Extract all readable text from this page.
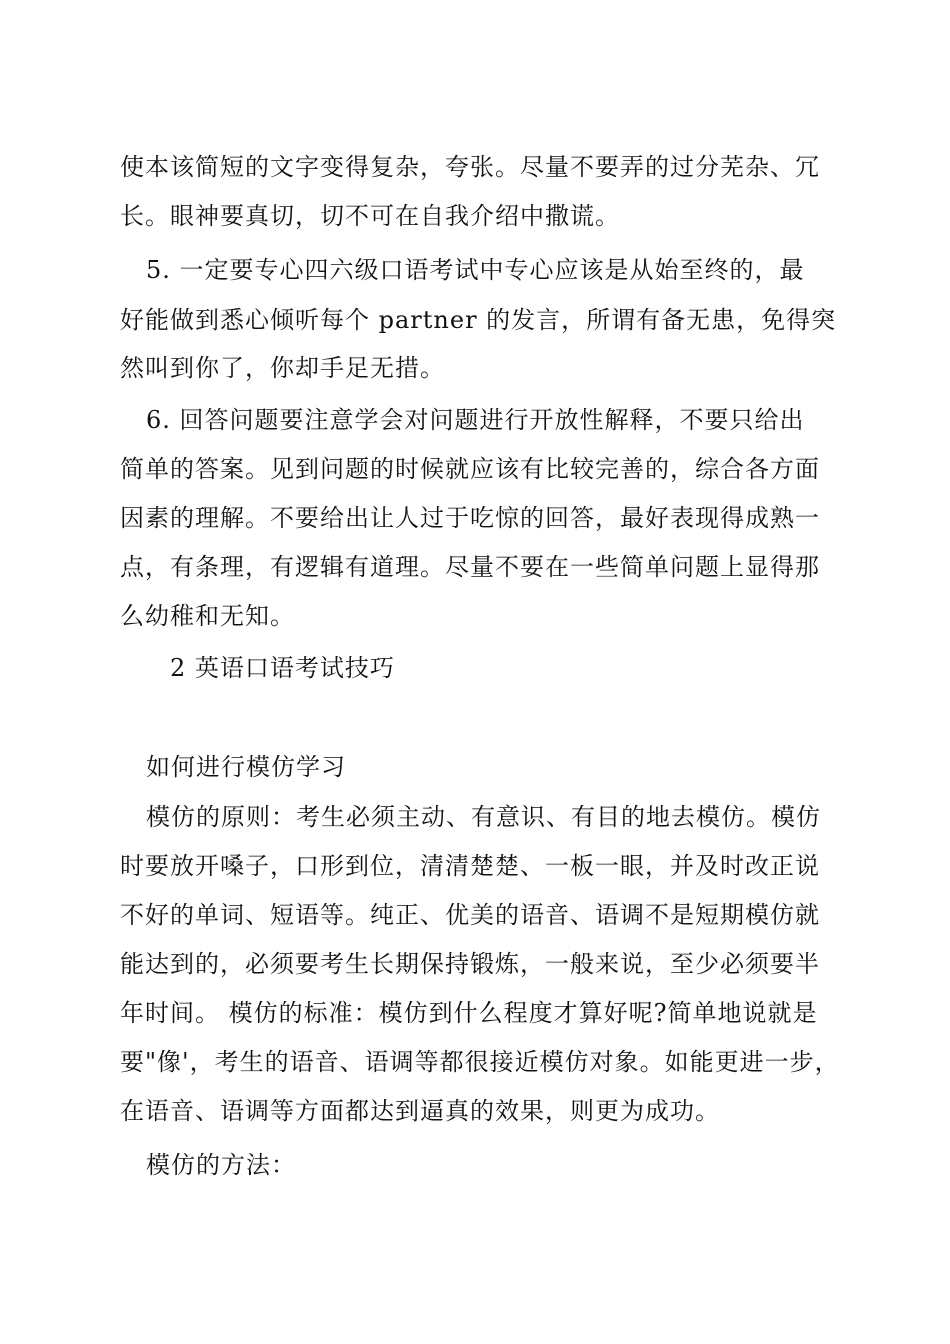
使本该简短的文字变得复杂，夸张。尽量不要弄的过分芜杂、冗
长。眼神要真切，切不可在自我介绍中撒谎。
5. 一定要专心四六级口语考试中专心应该是从始至终的，最
好能做到悉心倾听每个 partner 的发言，所谓有备无患，免得突
然叫到你了，你却手足无措。
6. 回答问题要注意学会对问题进行开放性解释，不要只给出
简单的答案。见到问题的时候就应该有比较完善的，综合各方面
因素的理解。不要给出让人过于吃惊的回答，最好表现得成熟一
点，有条理，有逻辑有道理。尽量不要在一些简单问题上显得那
么幼稚和无知。
2 英语口语考试技巧
如何进行模仿学习
模仿的原则：考生必须主动、有意识、有目的地去模仿。模仿
时要放开嗓子，口形到位，清清楚楚、一板一眼，并及时改正说
不好的单词、短语等。纯正、优美的语音、语调不是短期模仿就
能达到的，必须要考生长期保持锻炼，一般来说，至少必须要半
年时间。 模仿的标准：模仿到什么程度才算好呢?简单地说就是
要"像'，考生的语音、语调等都很接近模仿对象。如能更进一步，
在语音、语调等方面都达到逼真的效果，则更为成功。
模仿的方法：
